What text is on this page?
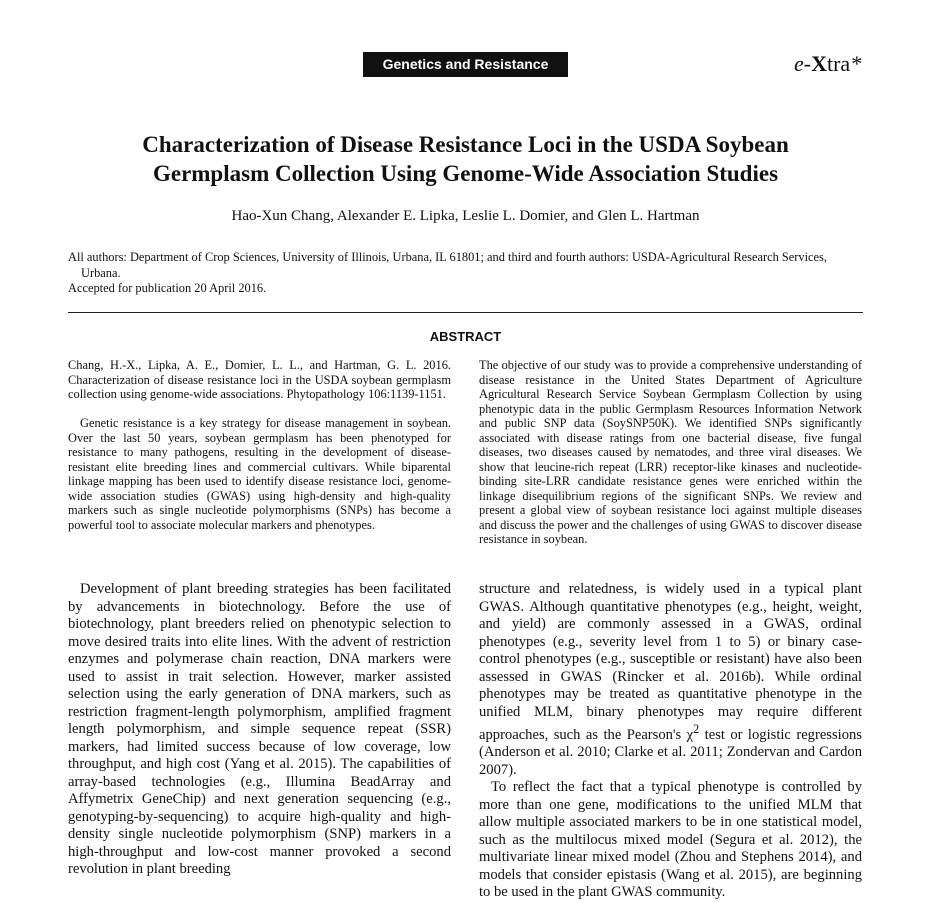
Genetics and Resistance	e-Xtra*
Characterization of Disease Resistance Loci in the USDA Soybean
Germplasm Collection Using Genome-Wide Association Studies
Hao-Xun Chang, Alexander E. Lipka, Leslie L. Domier, and Glen L. Hartman
All authors: Department of Crop Sciences, University of Illinois, Urbana, IL 61801; and third and fourth authors: USDA-Agricultural Research Services, Urbana.
Accepted for publication 20 April 2016.
ABSTRACT

Chang, H.-X., Lipka, A. E., Domier, L. L., and Hartman, G. L. 2016. Characterization of disease resistance loci in the USDA soybean germplasm collection using genome-wide associations. Phytopathology 106:1139-1151.

Genetic resistance is a key strategy for disease management in soybean. Over the last 50 years, soybean germplasm has been phenotyped for resistance to many pathogens, resulting in the development of disease-resistant elite breeding lines and commercial cultivars. While biparental linkage mapping has been used to identify disease resistance loci, genome-wide association studies (GWAS) using high-density and high-quality markers such as single nucleotide polymorphisms (SNPs) has become a powerful tool to associate molecular markers and phenotypes.

The objective of our study was to provide a comprehensive understanding of disease resistance in the United States Department of Agriculture Agricultural Research Service Soybean Germplasm Collection by using phenotypic data in the public Germplasm Resources Information Network and public SNP data (SoySNP50K). We identified SNPs significantly associated with disease ratings from one bacterial disease, five fungal diseases, two diseases caused by nematodes, and three viral diseases. We show that leucine-rich repeat (LRR) receptor-like kinases and nucleotide-binding site-LRR candidate resistance genes were enriched within the linkage disequilibrium regions of the significant SNPs. We review and present a global view of soybean resistance loci against multiple diseases and discuss the power and the challenges of using GWAS to discover disease resistance in soybean.

Development of plant breeding strategies has been facilitated by advancements in biotechnology. Before the use of biotechnology, plant breeders relied on phenotypic selection to move desired traits into elite lines. With the advent of restriction enzymes and polymerase chain reaction, DNA markers were used to assist in trait selection. However, marker assisted selection using the early generation of DNA markers, such as restriction fragment-length polymorphism, amplified fragment length polymorphism, and simple sequence repeat (SSR) markers, had limited success because of low coverage, low throughput, and high cost (Yang et al. 2015). The capabilities of array-based technologies (e.g., Illumina BeadArray and Affymetrix GeneChip) and next generation sequencing (e.g., genotyping-by-sequencing) to acquire high-quality and high-density single nucleotide polymorphism (SNP) markers in a high-throughput and low-cost manner provoked a second revolution in plant breeding

structure and relatedness, is widely used in a typical plant GWAS. Although quantitative phenotypes (e.g., height, weight, and yield) are commonly assessed in a GWAS, ordinal phenotypes (e.g., severity level from 1 to 5) or binary case-control phenotypes (e.g., susceptible or resistant) have also been assessed in GWAS (Rincker et al. 2016b). While ordinal phenotypes may be treated as quantitative phenotype in the unified MLM, binary phenotypes may require different approaches, such as the Pearson's $\chi^2$ test or logistic regressions (Anderson et al. 2010; Clarke et al. 2011; Zondervan and Cardon 2007).

To reflect the fact that a typical phenotype is controlled by more than one gene, modifications to the unified MLM that allow multiple associated markers to be in one statistical model, such as the multilocus mixed model (Segura et al. 2012), the multivariate linear mixed model (Zhou and Stephens 2014), and models that consider epistasis (Wang et al. 2015), are beginning to be used in the plant GWAS community.
